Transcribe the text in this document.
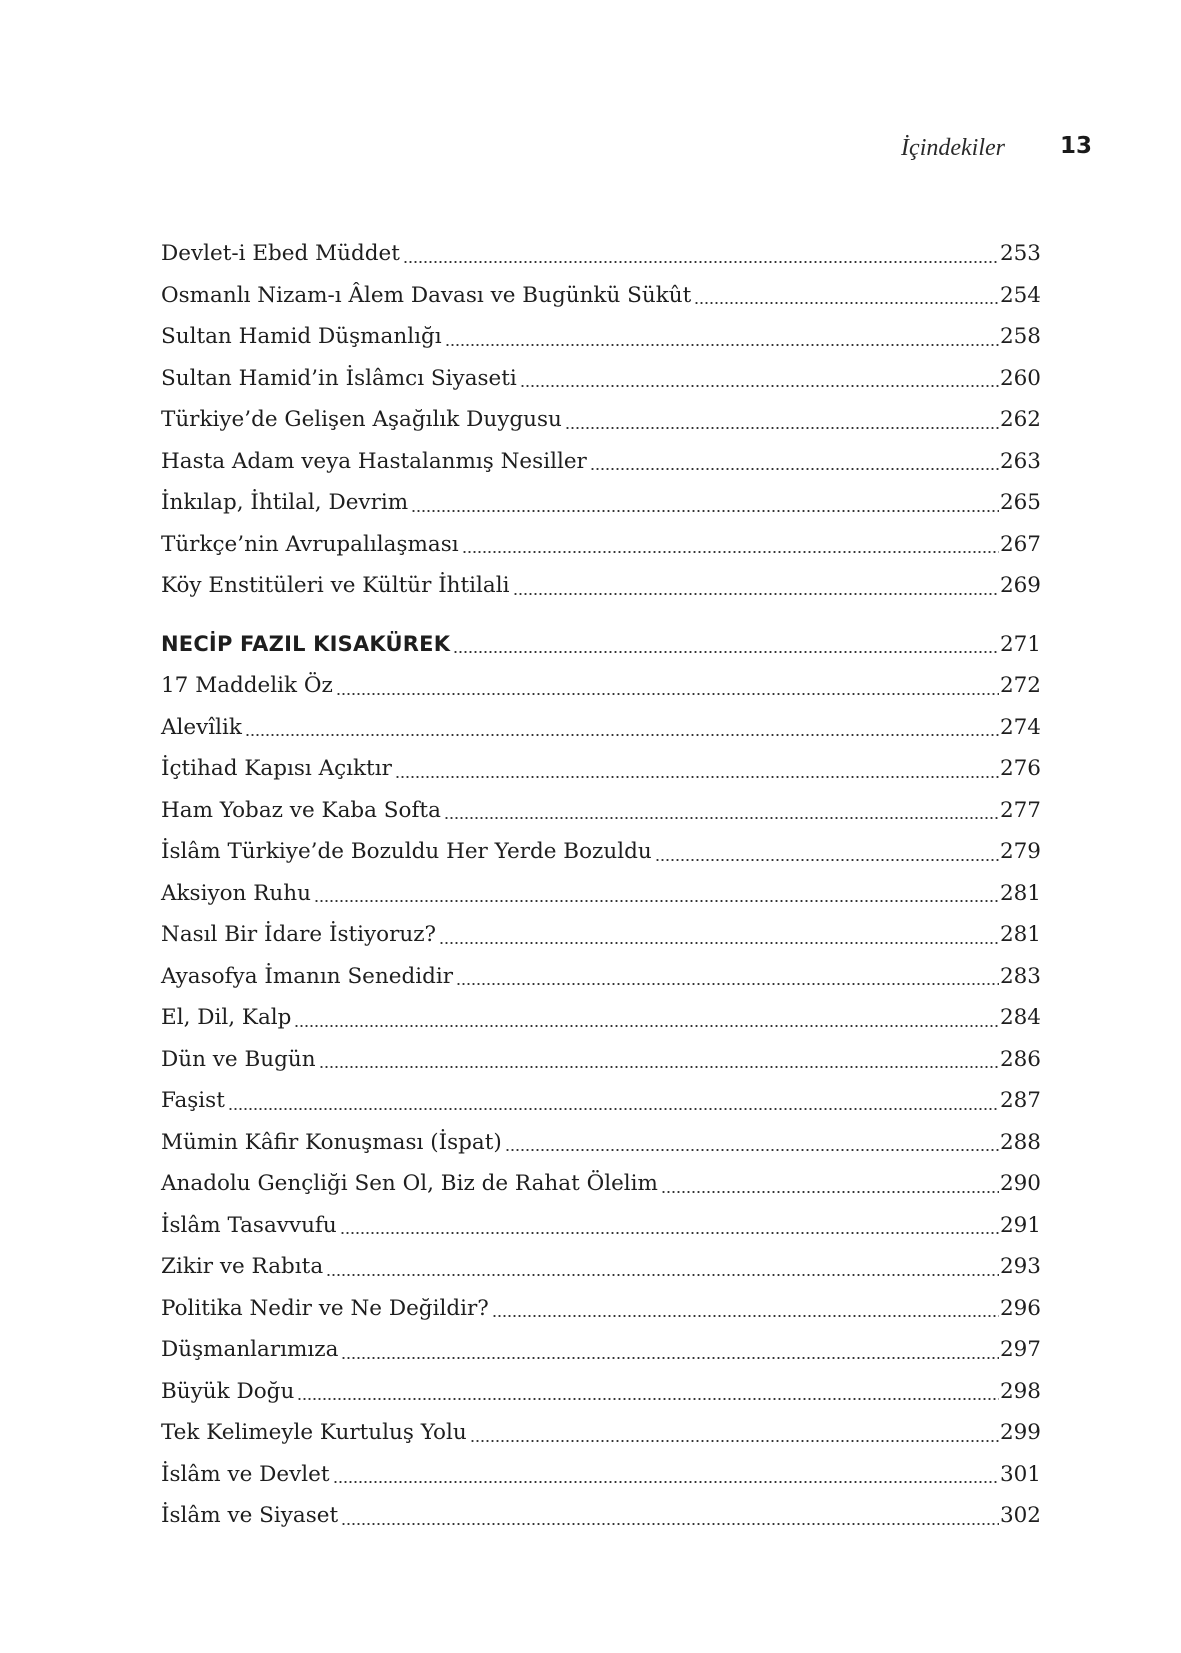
İçindekiler 13
Devlet-i Ebed Müddet	253
Osmanlı Nizam-ı Âlem Davası ve Bugünkü Sükût	254
Sultan Hamid Düşmanlığı	258
Sultan Hamid’in İslâmcı Siyaseti	260
Türkiye’de Gelişen Aşağılık Duygusu	262
Hasta Adam veya Hastalanmış Nesiller	263
İnkılap, İhtilal, Devrim	265
Türkçe’nin Avrupalılaşması	267
Köy Enstitüleri ve Kültür İhtilali	269
NECİP FAZIL KISAKÜREK	271
17 Maddelik Öz	272
Alevîlik	274
İçtihad Kapısı Açıktır	276
Ham Yobaz ve Kaba Softa	277
İslâm Türkiye’de Bozuldu Her Yerde Bozuldu	279
Aksiyon Ruhu	281
Nasıl Bir İdare İstiyoruz?	281
Ayasofya İmanın Senedidir	283
El, Dil, Kalp	284
Dün ve Bugün	286
Faşist	287
Mümin Kâfir Konuşması (İspat)	288
Anadolu Gençliği Sen Ol, Biz de Rahat Ölelim	290
İslâm Tasavvufu	291
Zikir ve Rabıta	293
Politika Nedir ve Ne Değildir?	296
Düşmanlarımıza	297
Büyük Doğu	298
Tek Kelimeyle Kurtuluş Yolu	299
İslâm ve Devlet	301
İslâm ve Siyaset	302
